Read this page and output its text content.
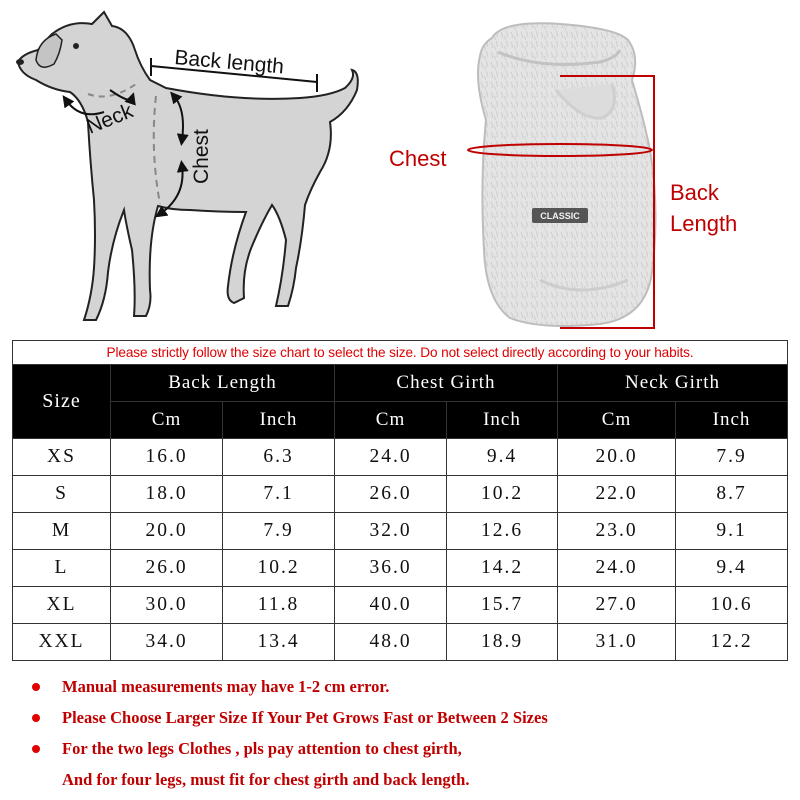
Back length
Neck
Chest
CLASSIC
Chest
Back
Length
Please strictly follow the size chart to select the size. Do not select directly according to your habits.						
Size	Back Length		Chest Girth		Neck Girth	
	Cm	Inch	Cm	Inch	Cm	Inch
XS	16.0	6.3	24.0	9.4	20.0	7.9
S	18.0	7.1	26.0	10.2	22.0	8.7
M	20.0	7.9	32.0	12.6	23.0	9.1
L	26.0	10.2	36.0	14.2	24.0	9.4
XL	30.0	11.8	40.0	15.7	27.0	10.6
XXL	34.0	13.4	48.0	18.9	31.0	12.2
Manual measurements may have 1-2 cm error.
Please Choose Larger Size If Your Pet Grows Fast or Between 2 Sizes
For the two legs Clothes , pls pay attention to chest girth,
And for four legs, must fit for chest girth and back length.
